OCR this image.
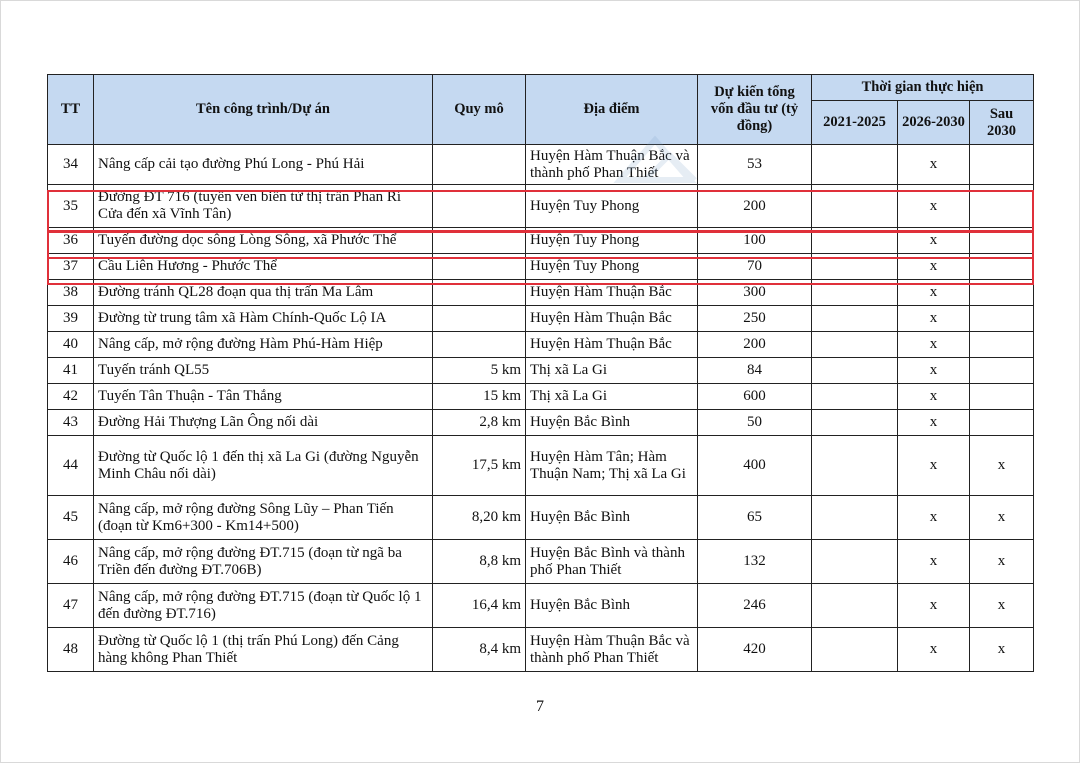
TT	Tên công trình/Dự án	Quy mô	Địa điểm	Dự kiến tổng vốn đầu tư (tỷ đồng)	Thời gian thực hiện		
					2021-2025	2026-2030	Sau 2030
34	Nâng cấp cải tạo đường Phú Long - Phú Hải		Huyện Hàm Thuận Bắc và thành phố Phan Thiết	53		x	
35	Đường ĐT 716 (tuyến ven biển từ thị trấn Phan Rí Cửa đến xã Vĩnh Tân)		Huyện Tuy Phong	200		x	
36	Tuyến đường dọc sông Lòng Sông, xã Phước Thể		Huyện Tuy Phong	100		x	
37	Cầu Liên Hương - Phước Thể		Huyện Tuy Phong	70		x	
38	Đường tránh QL28 đoạn qua thị trấn Ma Lâm		Huyện Hàm Thuận Bắc	300		x	
39	Đường từ trung tâm xã Hàm Chính-Quốc Lộ IA		Huyện Hàm Thuận Bắc	250		x	
40	Nâng cấp, mở rộng đường Hàm Phú-Hàm Hiệp		Huyện Hàm Thuận Bắc	200		x	
41	Tuyến tránh QL55	5 km	Thị xã La Gi	84		x	
42	Tuyến Tân Thuận - Tân Thắng	15 km	Thị xã La Gi	600		x	
43	Đường Hải Thượng Lãn Ông nối dài	2,8 km	Huyện Bắc Bình	50		x	
44	Đường từ Quốc lộ 1 đến thị xã La Gi (đường Nguyễn Minh Châu nối dài)	17,5 km	Huyện Hàm Tân; Hàm Thuận Nam; Thị xã La Gi	400		x	x
45	Nâng cấp, mở rộng đường Sông Lũy – Phan Tiến (đoạn từ Km6+300 - Km14+500)	8,20 km	Huyện Bắc Bình	65		x	x
46	Nâng cấp, mở rộng đường ĐT.715 (đoạn từ ngã ba Triền đến đường ĐT.706B)	8,8 km	Huyện Bắc Bình và thành phố Phan Thiết	132		x	x
47	Nâng cấp, mở rộng đường ĐT.715 (đoạn từ Quốc lộ 1 đến đường ĐT.716)	16,4 km	Huyện Bắc Bình	246		x	x
48	Đường từ Quốc lộ 1 (thị trấn Phú Long) đến Cảng hàng không Phan Thiết	8,4 km	Huyện Hàm Thuận Bắc và thành phố Phan Thiết	420		x	x
7
